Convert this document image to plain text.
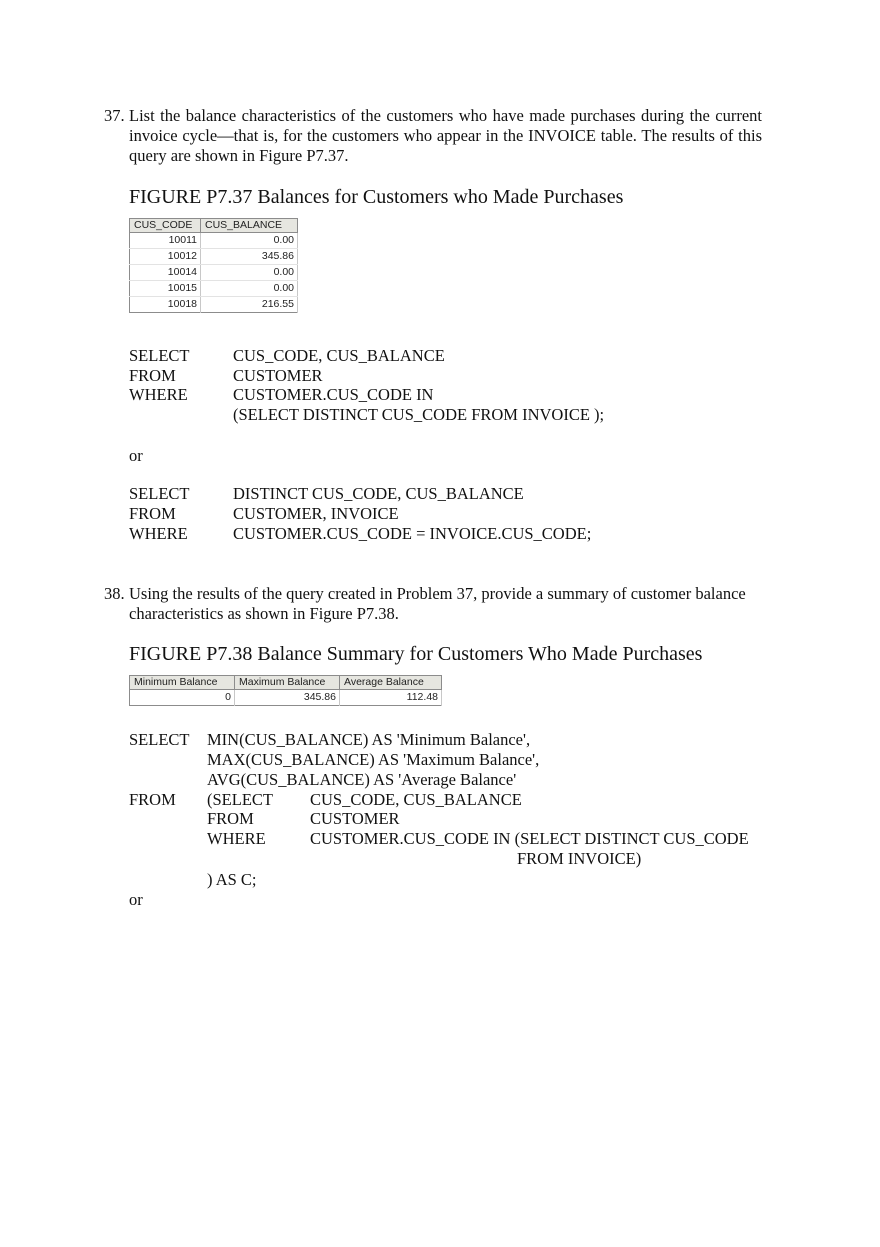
37. List the balance characteristics of the customers who have made purchases during the current invoice cycle—that is, for the customers who appear in the INVOICE table. The results of this query are shown in Figure P7.37.
FIGURE P7.37 Balances for Customers who Made Purchases
CUS_CODE	CUS_BALANCE
10011	0.00
10012	345.86
10014	0.00
10015	0.00
10018	216.55
SELECT	CUS_CODE, CUS_BALANCE
FROM	CUSTOMER
WHERE	CUSTOMER.CUS_CODE IN
(SELECT DISTINCT CUS_CODE FROM INVOICE );
or
SELECT	DISTINCT CUS_CODE, CUS_BALANCE
FROM	CUSTOMER, INVOICE
WHERE	CUSTOMER.CUS_CODE = INVOICE.CUS_CODE;
38. Using the results of the query created in Problem 37, provide a summary of customer balance characteristics as shown in Figure P7.38.
FIGURE P7.38 Balance Summary for Customers Who Made Purchases
Minimum Balance	Maximum Balance	Average Balance
0	345.86	112.48
SELECT MIN(CUS_BALANCE) AS 'Minimum Balance',
MAX(CUS_BALANCE) AS 'Maximum Balance',
AVG(CUS_BALANCE) AS 'Average Balance'
FROM (SELECT CUS_CODE, CUS_BALANCE
FROM	CUSTOMER
WHERE	CUSTOMER.CUS_CODE IN (SELECT DISTINCT CUS_CODE
FROM INVOICE)
) AS C;
or
